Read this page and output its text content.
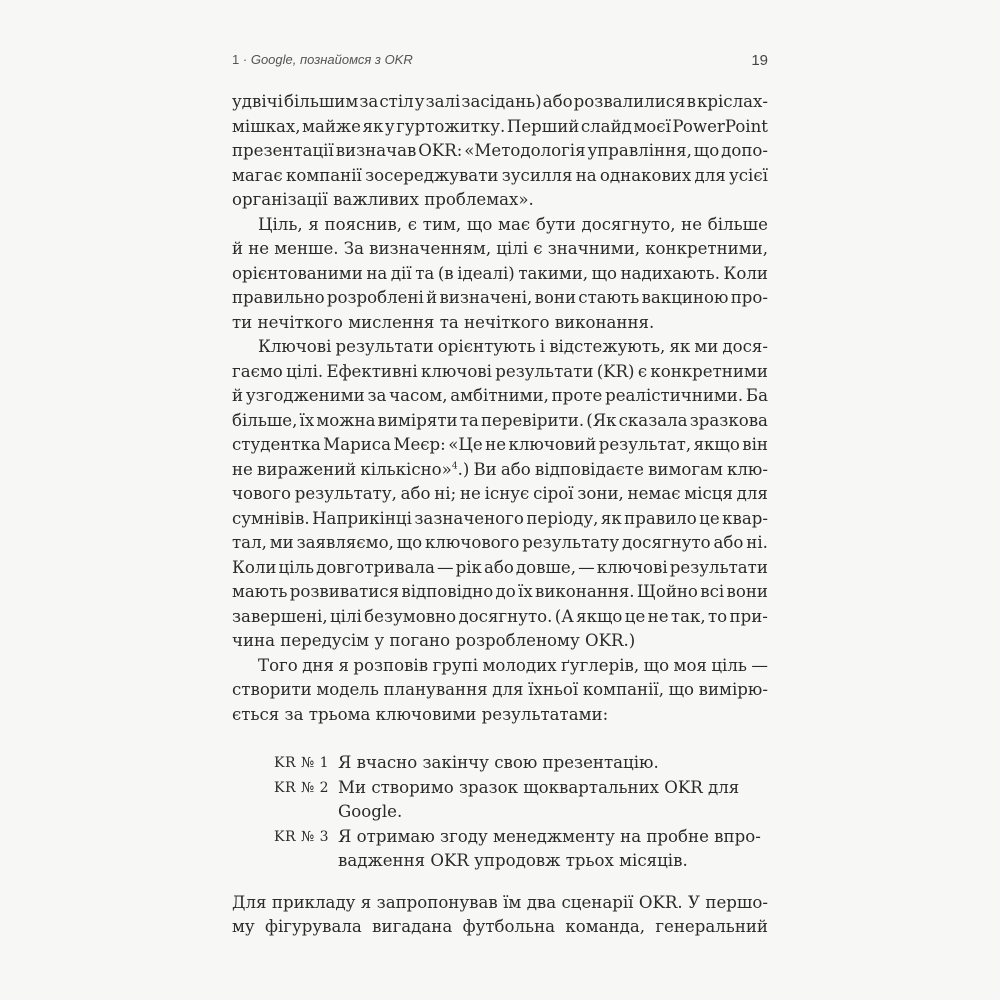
1 · Google, познайомся з OKR	19
удвічі більшим за стіл у залі засідань) або розвалилися в кріслах-
мішках, майже як у гуртожитку. Перший слайд моєї PowerPoint
презентації визначав OKR: «Методологія управління, що допо-
магає компанії зосереджувати зусилля на однакових для усієї
організації важливих проблемах».
Ціль, я пояснив, є тим, що має бути досягнуто, не більше
й не менше. За визначенням, цілі є значними, конкретними,
орієнтованими на дії та (в ідеалі) такими, що надихають. Коли
правильно розроблені й визначені, вони стають вакциною про-
ти нечіткого мислення та нечіткого виконання.
Ключові результати орієнтують і відстежують, як ми дося-
гаємо цілі. Ефективні ключові результати (KR) є конкретними
й узгодженими за часом, амбітними, проте реалістичними. Ба
більше, їх можна виміряти та перевірити. (Як сказала зразкова
студентка Мариса Меєр: «Це не ключовий результат, якщо він
не виражений кількісно»$^4$.) Ви або відповідаєте вимогам клю-
чового результату, або ні; не існує сірої зони, немає місця для
сумнівів. Наприкінці зазначеного періоду, як правило це квар-
тал, ми заявляємо, що ключового результату досягнуто або ні.
Коли ціль довготривала — рік або довше, — ключові результати
мають розвиватися відповідно до їх виконання. Щойно всі вони
завершені, цілі безумовно досягнуто. (А якщо це не так, то при-
чина передусім у погано розробленому OKR.)
Того дня я розповів групі молодих ґуглерів, що моя ціль —
створити модель планування для їхньої компанії, що вимірю-
ється за трьома ключовими результатами:
KR № 1 Я вчасно закінчу свою презентацію.
KR № 2 Ми створимо зразок щоквартальних OKR для
Google.
KR № 3 Я отримаю згоду менеджменту на пробне впро-
вадження OKR упродовж трьох місяців.
Для прикладу я запропонував їм два сценарії OKR. У першо-
му фігурувала вигадана футбольна команда, генеральний
